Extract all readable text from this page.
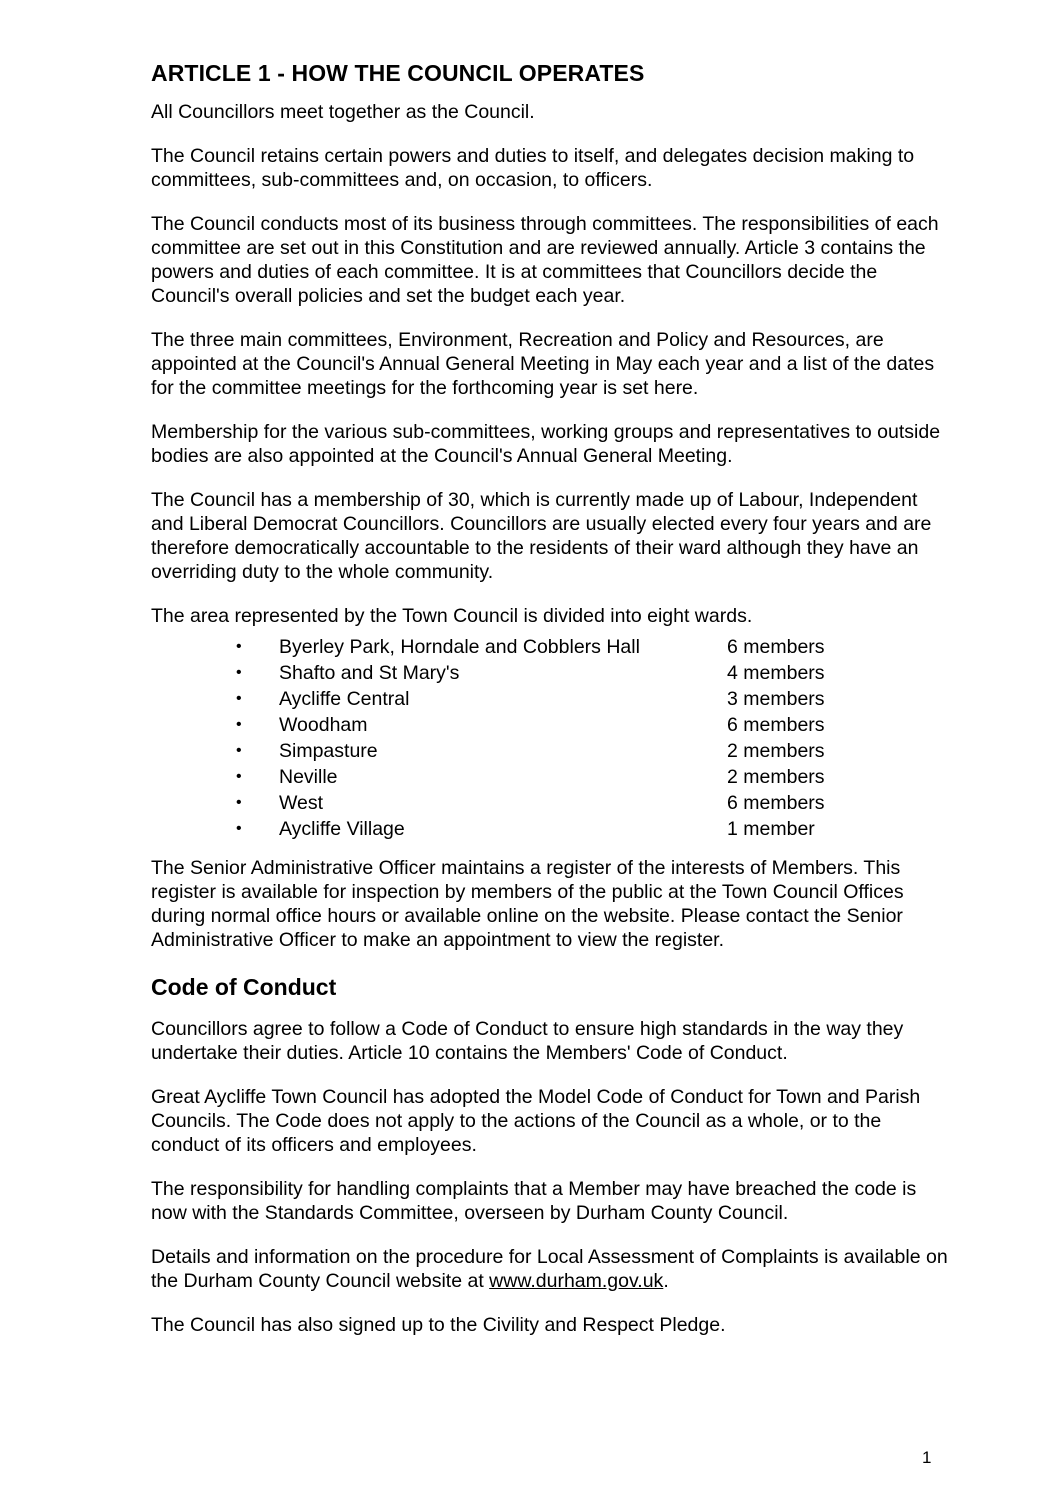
ARTICLE 1 - HOW THE COUNCIL OPERATES

All Councillors meet together as the Council.

The Council retains certain powers and duties to itself, and delegates decision making to committees, sub-committees and, on occasion, to officers.

The Council conducts most of its business through committees. The responsibilities of each committee are set out in this Constitution and are reviewed annually. Article 3 contains the powers and duties of each committee. It is at committees that Councillors decide the Council's overall policies and set the budget each year.

The three main committees, Environment, Recreation and Policy and Resources, are appointed at the Council's Annual General Meeting in May each year and a list of the dates for the committee meetings for the forthcoming year is set here.

Membership for the various sub-committees, working groups and representatives to outside bodies are also appointed at the Council's Annual General Meeting.

The Council has a membership of 30, which is currently made up of Labour, Independent and Liberal Democrat Councillors. Councillors are usually elected every four years and are therefore democratically accountable to the residents of their ward although they have an overriding duty to the whole community.

The area represented by the Town Council is divided into eight wards.

• Byerley Park, Horndale and Cobblers Hall	6 members
• Shafto and St Mary's	4 members
• Aycliffe Central	3 members
• Woodham	6 members
• Simpasture	2 members
• Neville	2 members
• West	6 members
• Aycliffe Village	1 member

The Senior Administrative Officer maintains a register of the interests of Members. This register is available for inspection by members of the public at the Town Council Offices during normal office hours or available online on the website. Please contact the Senior Administrative Officer to make an appointment to view the register.

Code of Conduct

Councillors agree to follow a Code of Conduct to ensure high standards in the way they undertake their duties. Article 10 contains the Members' Code of Conduct.

Great Aycliffe Town Council has adopted the Model Code of Conduct for Town and Parish Councils. The Code does not apply to the actions of the Council as a whole, or to the conduct of its officers and employees.

The responsibility for handling complaints that a Member may have breached the code is now with the Standards Committee, overseen by Durham County Council.

Details and information on the procedure for Local Assessment of Complaints is available on the Durham County Council website at www.durham.gov.uk.

The Council has also signed up to the Civility and Respect Pledge.

1
